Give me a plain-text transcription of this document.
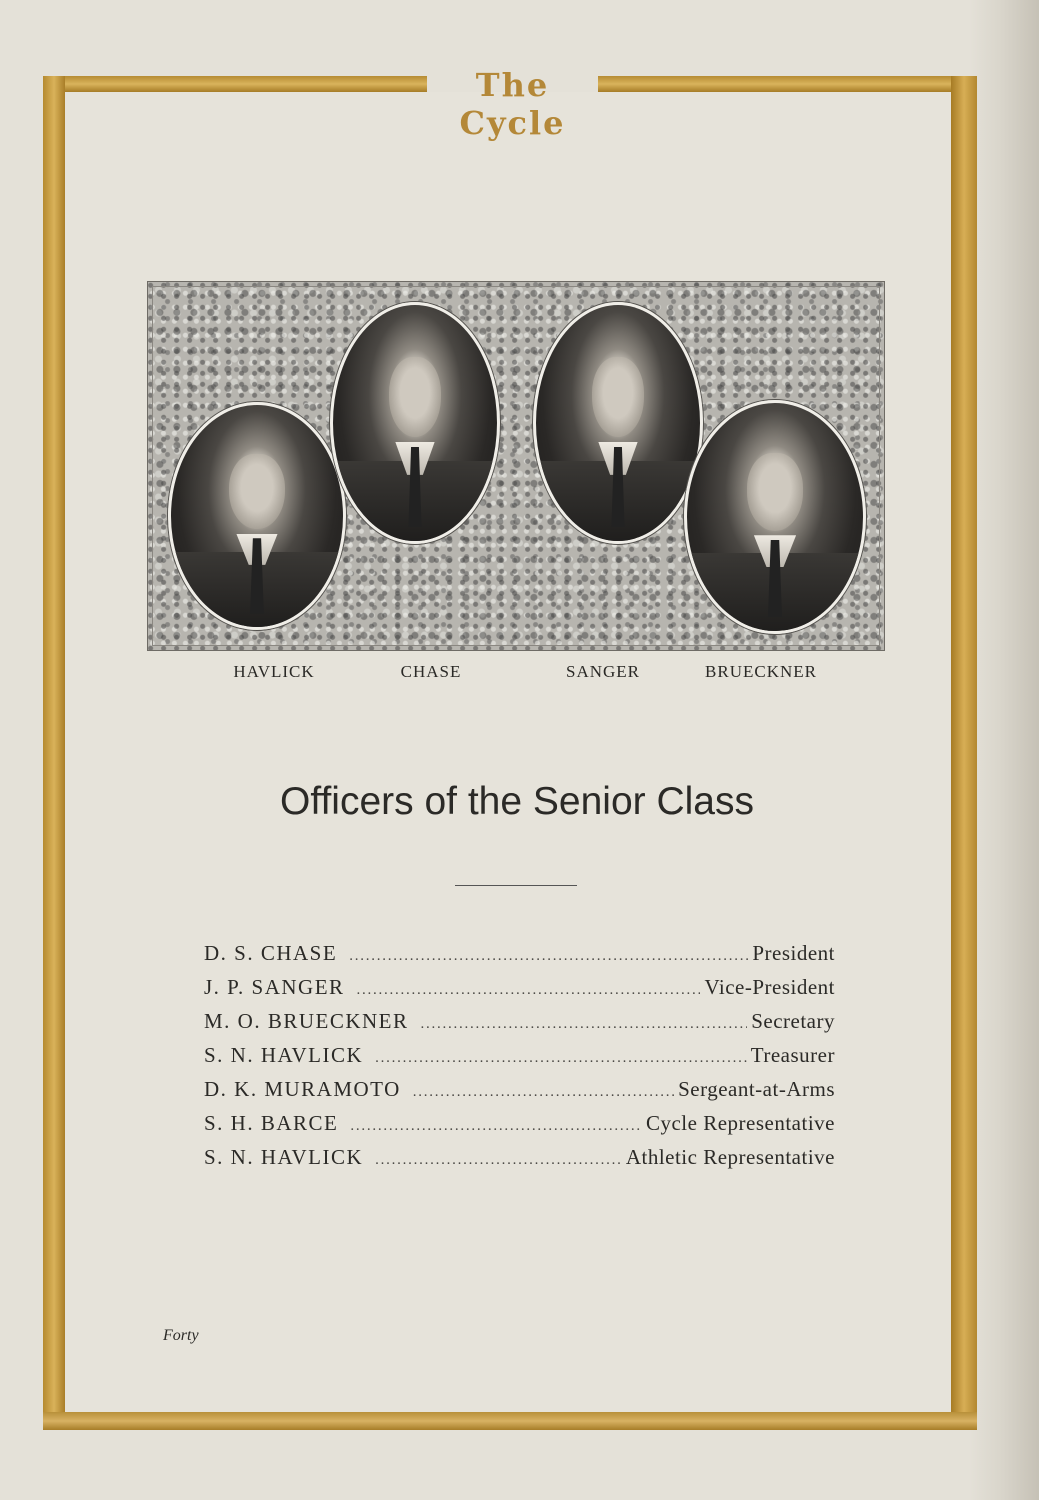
The Cycle
HAVLICK	CHASE	SANGER	BRUECKNER
Officers of the Senior Class
D. S. CHASE . . .	President
J. P. SANGER . . .	Vice-President
M. O. BRUECKNER . . .	Secretary
S. N. HAVLICK . . .	Treasurer
D. K. MURAMOTO . . .	Sergeant-at-Arms
S. H. BARCE . . .	Cycle Representative
S. N. HAVLICK . . .	Athletic Representative
Forty
